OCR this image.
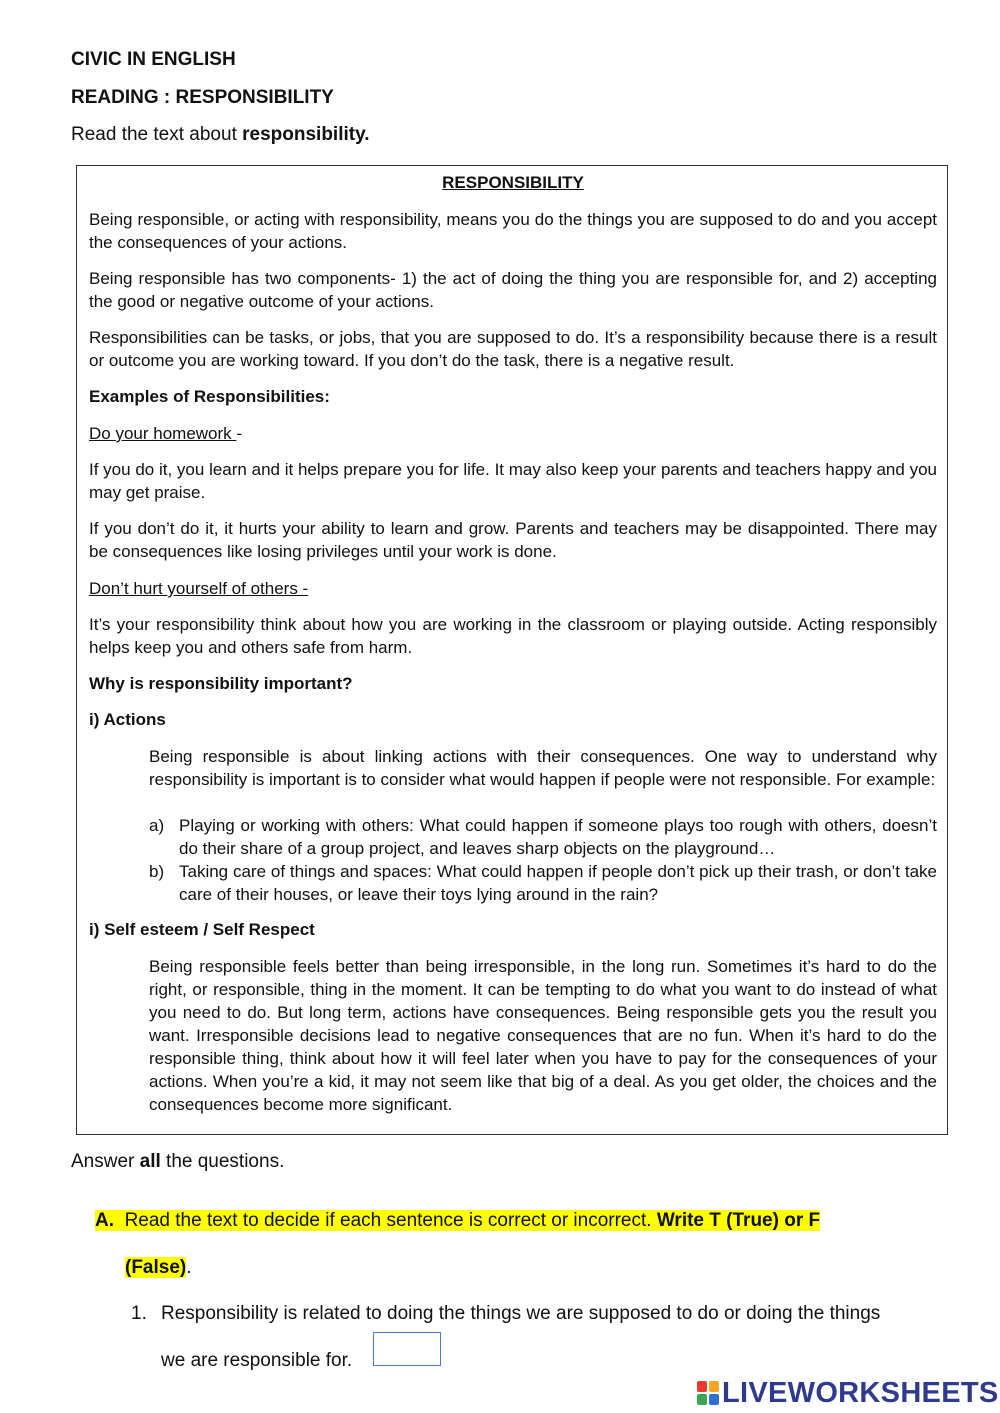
CIVIC IN ENGLISH
READING : RESPONSIBILITY
Read the text about responsibility.

RESPONSIBILITY

Being responsible, or acting with responsibility, means you do the things you are supposed to do and you accept the consequences of your actions.

Being responsible has two components- 1) the act of doing the thing you are responsible for, and 2) accepting the good or negative outcome of your actions.

Responsibilities can be tasks, or jobs, that you are supposed to do. It’s a responsibility because there is a result or outcome you are working toward. If you don’t do the task, there is a negative result.

Examples of Responsibilities:

Do your homework -

If you do it, you learn and it helps prepare you for life. It may also keep your parents and teachers happy and you may get praise.

If you don’t do it, it hurts your ability to learn and grow. Parents and teachers may be disappointed. There may be consequences like losing privileges until your work is done.

Don’t hurt yourself of others -

It’s your responsibility think about how you are working in the classroom or playing outside. Acting responsibly helps keep you and others safe from harm.

Why is responsibility important?

i) Actions

Being responsible is about linking actions with their consequences. One way to understand why responsibility is important is to consider what would happen if people were not responsible. For example:

a) Playing or working with others: What could happen if someone plays too rough with others, doesn’t do their share of a group project, and leaves sharp objects on the playground…

b) Taking care of things and spaces: What could happen if people don’t pick up their trash, or don’t take care of their houses, or leave their toys lying around in the rain?

i) Self esteem / Self Respect

Being responsible feels better than being irresponsible, in the long run. Sometimes it’s hard to do the right, or responsible, thing in the moment. It can be tempting to do what you want to do instead of what you need to do. But long term, actions have consequences. Being responsible gets you the result you want. Irresponsible decisions lead to negative consequences that are no fun. When it’s hard to do the responsible thing, think about how it will feel later when you have to pay for the consequences of your actions. When you’re a kid, it may not seem like that big of a deal. As you get older, the choices and the consequences become more significant.

Answer all the questions.
A. Read the text to decide if each sentence is correct or incorrect. Write T (True) or F
(False).
1. Responsibility is related to doing the things we are supposed to do or doing the things
we are responsible for.
LIVEWORKSHEETS
